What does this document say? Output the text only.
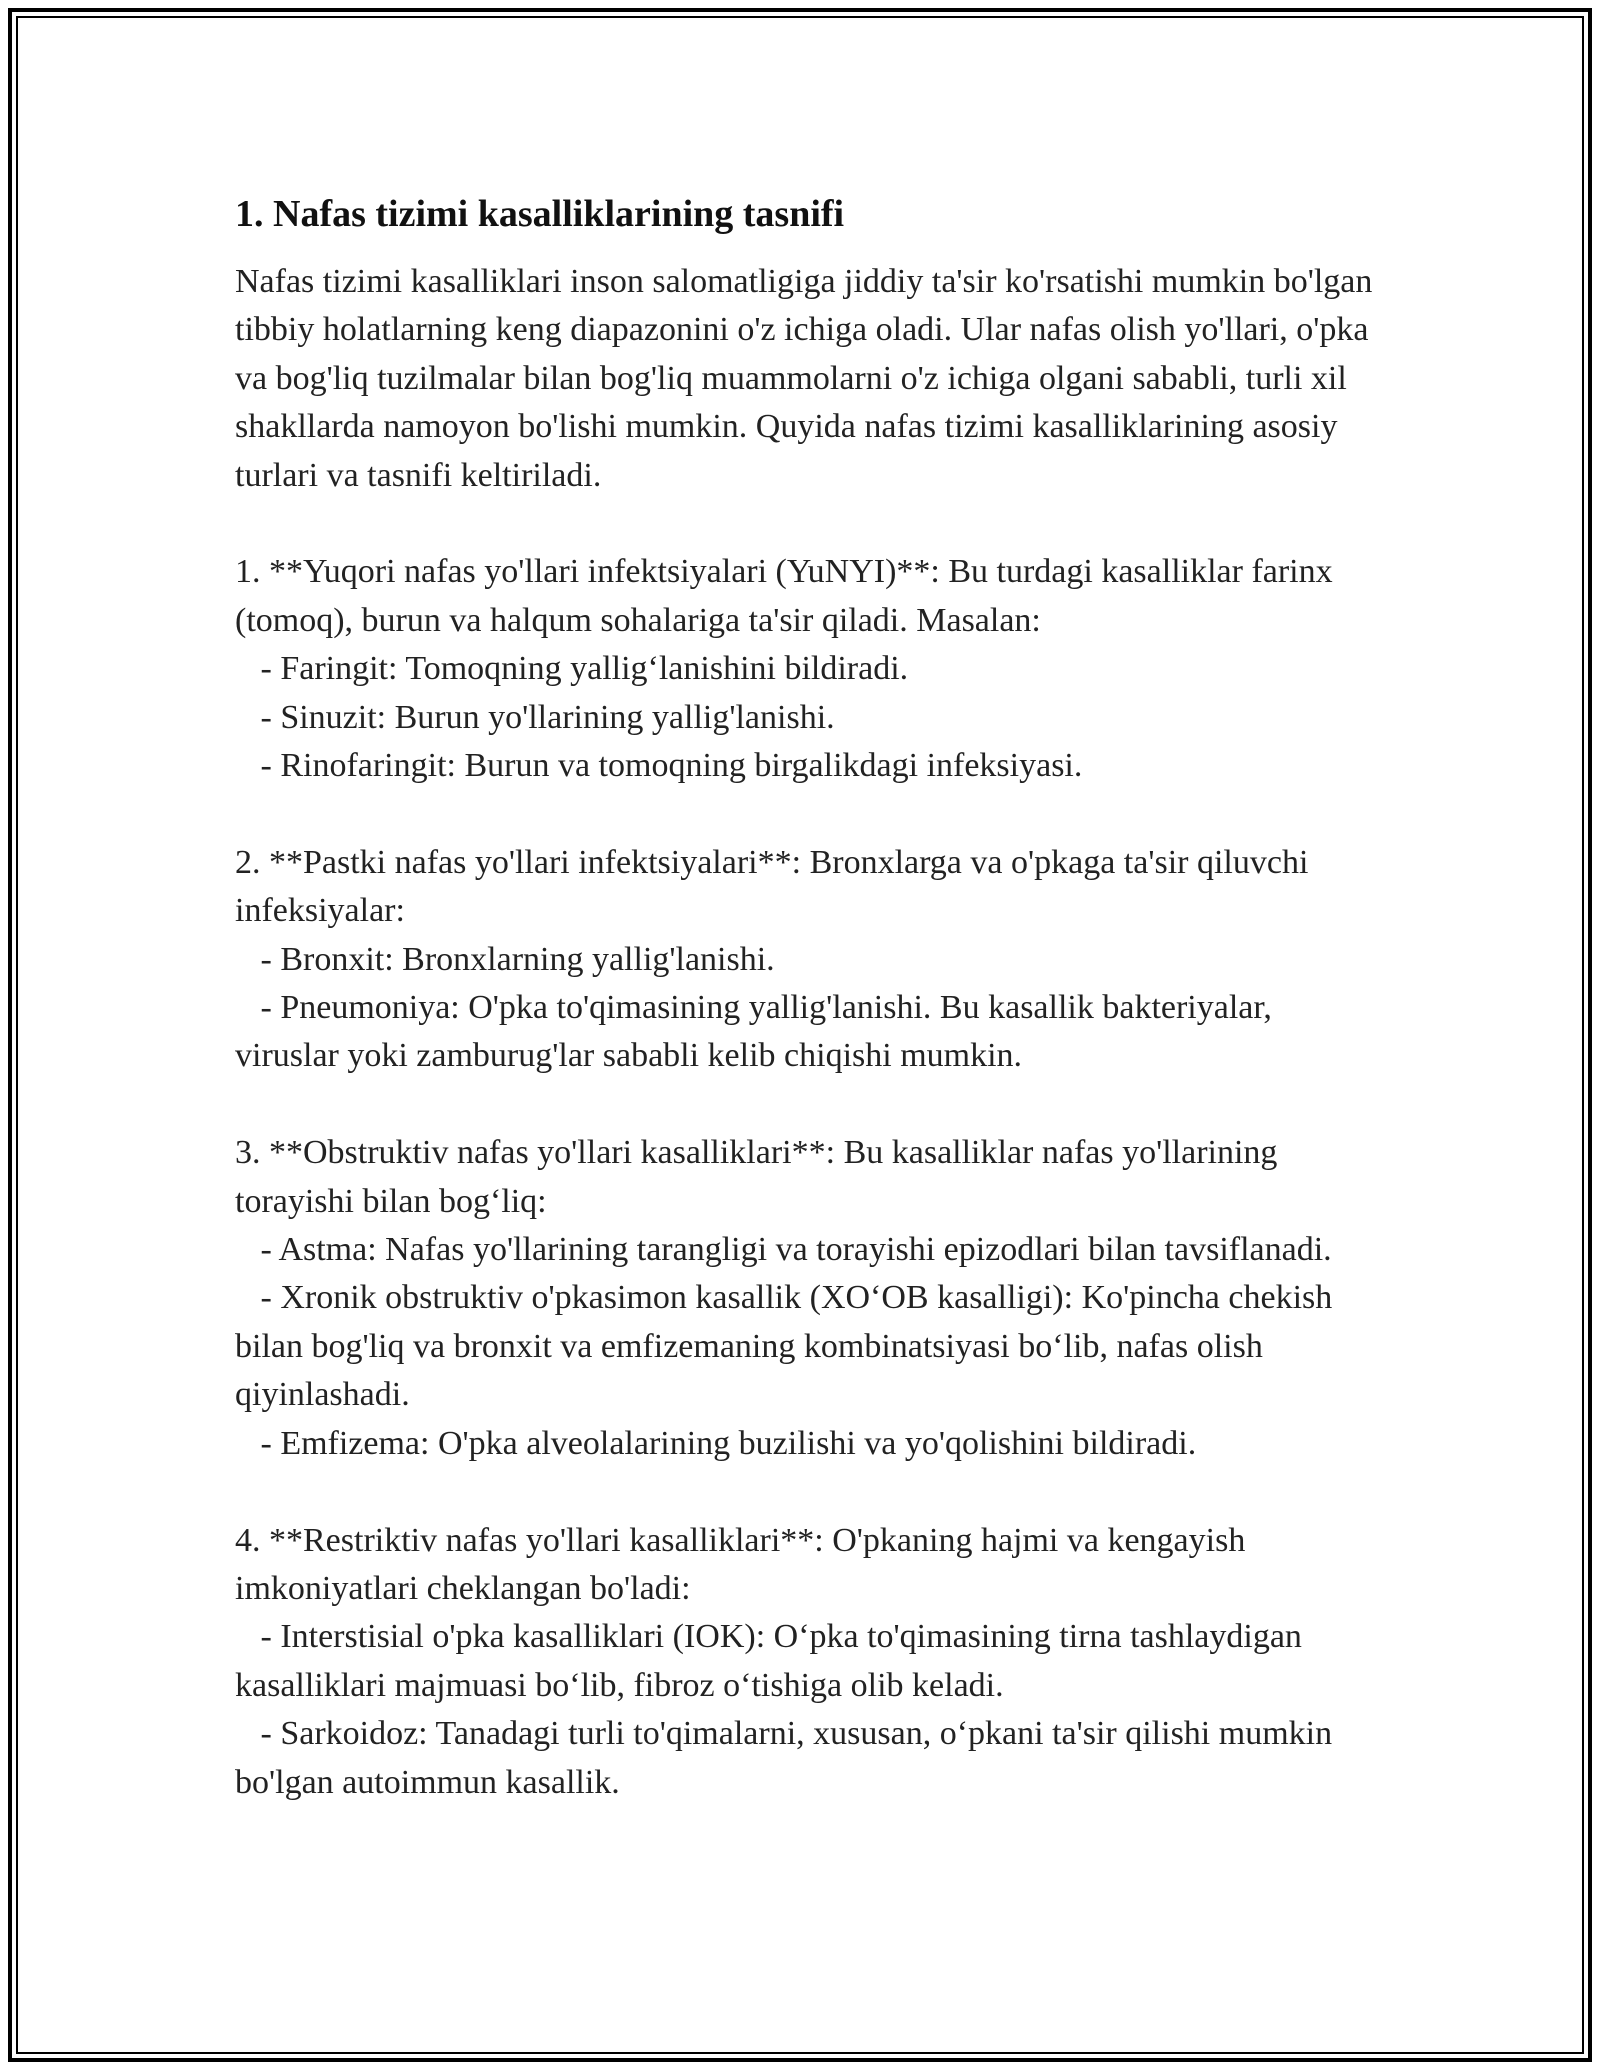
1. Nafas tizimi kasalliklarining tasnifi

Nafas tizimi kasalliklari inson salomatligiga jiddiy ta'sir ko'rsatishi mumkin bo'lgan tibbiy holatlarning keng diapazonini o'z ichiga oladi. Ular nafas olish yo'llari, o'pka va bog'liq tuzilmalar bilan bog'liq muammolarni o'z ichiga olgani sababli, turli xil shakllarda namoyon bo'lishi mumkin. Quyida nafas tizimi kasalliklarining asosiy turlari va tasnifi keltiriladi.

1. **Yuqori nafas yo'llari infektsiyalari (YuNYI)**: Bu turdagi kasalliklar farinx (tomoq), burun va halqum sohalariga ta'sir qiladi. Masalan:

- Faringit: Tomoqning yallig‘lanishini bildiradi.

- Sinuzit: Burun yo'llarining yallig'lanishi.

- Rinofaringit: Burun va tomoqning birgalikdagi infeksiyasi.

2. **Pastki nafas yo'llari infektsiyalari**: Bronxlarga va o'pkaga ta'sir qiluvchi infeksiyalar:

- Bronxit: Bronxlarning yallig'lanishi.

- Pneumoniya: O'pka to'qimasining yallig'lanishi. Bu kasallik bakteriyalar, viruslar yoki zamburug'lar sababli kelib chiqishi mumkin.

3. **Obstruktiv nafas yo'llari kasalliklari**: Bu kasalliklar nafas yo'llarining torayishi bilan bog‘liq:

- Astma: Nafas yo'llarining tarangligi va torayishi epizodlari bilan tavsiflanadi.

- Xronik obstruktiv o'pkasimon kasallik (XO‘OB kasalligi): Ko'pincha chekish bilan bog'liq va bronxit va emfizemaning kombinatsiyasi bo‘lib, nafas olish qiyinlashadi.

- Emfizema: O'pka alveolalarining buzilishi va yo'qolishini bildiradi.

4. **Restriktiv nafas yo'llari kasalliklari**: O'pkaning hajmi va kengayish imkoniyatlari cheklangan bo'ladi:

- Interstisial o'pka kasalliklari (IOK): O‘pka to'qimasining tirna tashlaydigan kasalliklari majmuasi bo‘lib, fibroz o‘tishiga olib keladi.

- Sarkoidoz: Tanadagi turli to'qimalarni, xususan, o‘pkani ta'sir qilishi mumkin bo'lgan autoimmun kasallik.
